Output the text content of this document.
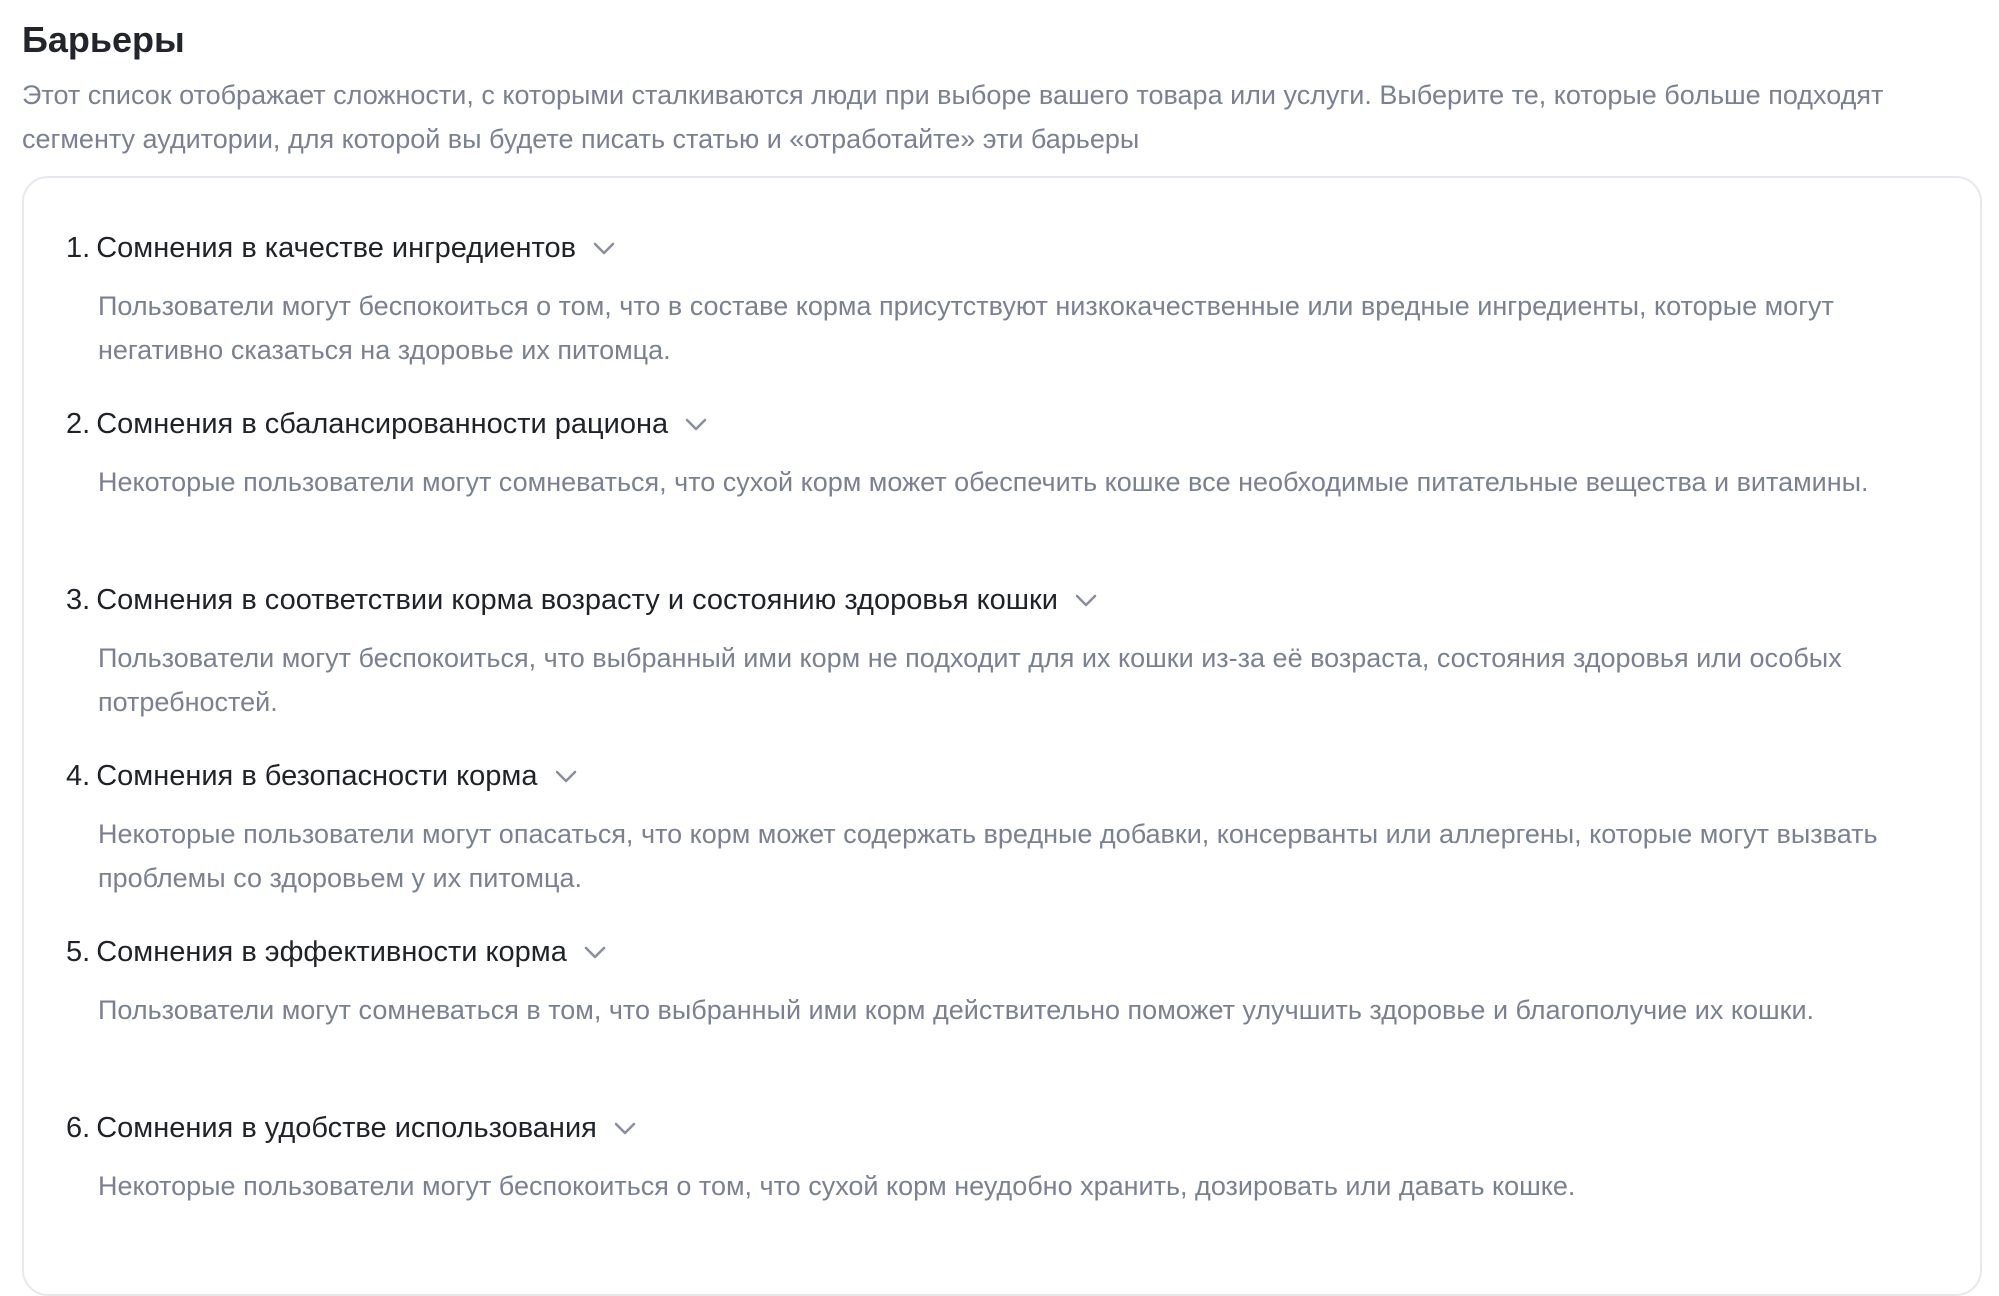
Барьеры

Этот список отображает сложности, с которыми сталкиваются люди при выборе вашего товара или услуги. Выберите те, которые больше подходят сегменту аудитории, для которой вы будете писать статью и «отработайте» эти барьеры

1. Сомнения в качестве ингредиентов
Пользователи могут беспокоиться о том, что в составе корма присутствуют низкокачественные или вредные ингредиенты, которые могут негативно сказаться на здоровье их питомца.
2. Сомнения в сбалансированности рациона
Некоторые пользователи могут сомневаться, что сухой корм может обеспечить кошке все необходимые питательные вещества и витамины.
3. Сомнения в соответствии корма возрасту и состоянию здоровья кошки
Пользователи могут беспокоиться, что выбранный ими корм не подходит для их кошки из-за её возраста, состояния здоровья или особых потребностей.
4. Сомнения в безопасности корма
Некоторые пользователи могут опасаться, что корм может содержать вредные добавки, консерванты или аллергены, которые могут вызвать проблемы со здоровьем у их питомца.
5. Сомнения в эффективности корма
Пользователи могут сомневаться в том, что выбранный ими корм действительно поможет улучшить здоровье и благополучие их кошки.
6. Сомнения в удобстве использования
Некоторые пользователи могут беспокоиться о том, что сухой корм неудобно хранить, дозировать или давать кошке.
